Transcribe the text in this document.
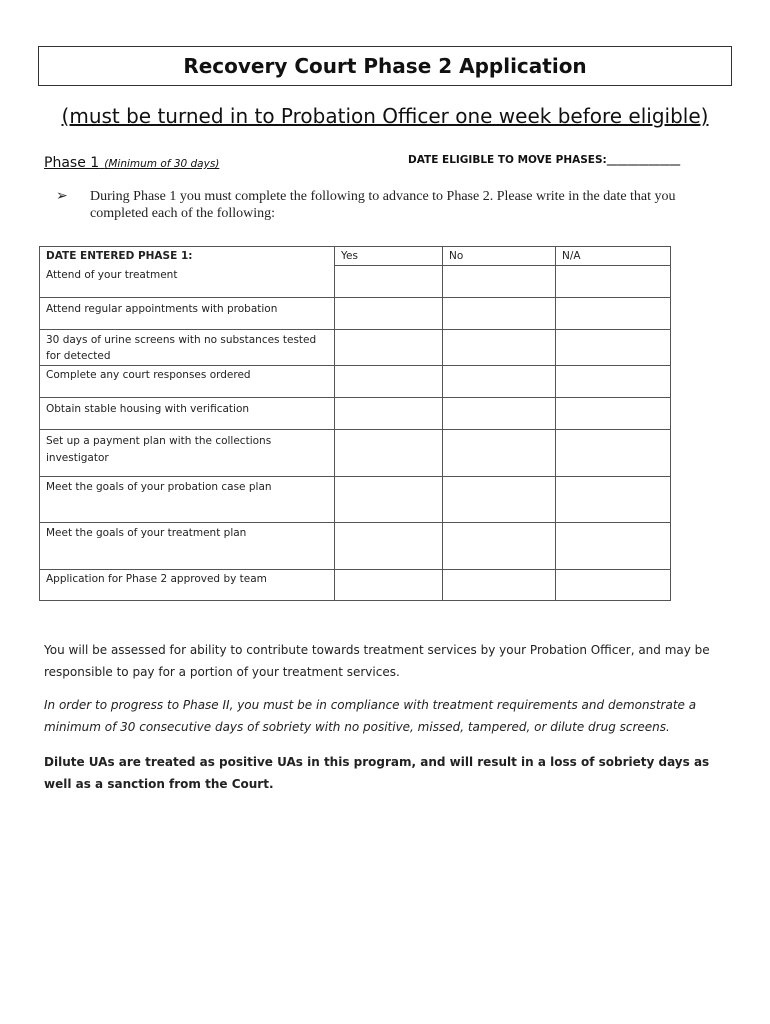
Recovery Court Phase 2 Application
(must be turned in to Probation Officer one week before eligible)
Phase 1 (Minimum of 30 days)	DATE ELIGIBLE TO MOVE PHASES:______________
➢ During Phase 1 you must complete the following to advance to Phase 2. Please write in the date that you completed each of the following:
DATE ENTERED PHASE 1:	Yes	No	N/A
Attend of your treatment			
Attend regular appointments with probation			
30 days of urine screens with no substances tested for detected			
Complete any court responses ordered			
Obtain stable housing with verification			
Set up a payment plan with the collections investigator			
Meet the goals of your probation case plan			
Meet the goals of your treatment plan			
Application for Phase 2 approved by team			
You will be assessed for ability to contribute towards treatment services by your Probation Officer, and may be responsible to pay for a portion of your treatment services.
In order to progress to Phase II, you must be in compliance with treatment requirements and demonstrate a minimum of 30 consecutive days of sobriety with no positive, missed, tampered, or dilute drug screens.
Dilute UAs are treated as positive UAs in this program, and will result in a loss of sobriety days as well as a sanction from the Court.
